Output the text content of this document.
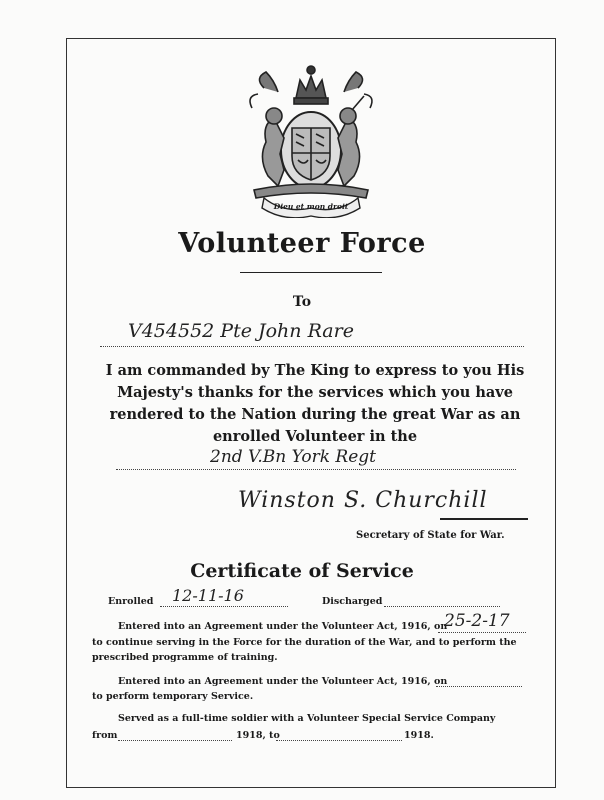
Dieu et mon droit
Volunteer Force
To
V454552 Pte John Rare
I am commanded by The King to express to you His Majesty's thanks for the services which you have rendered to the Nation during the great War as an enrolled Volunteer in the
2nd V.Bn York Regt
Winston S. Churchill
Secretary of State for War.
Certificate of Service
Enrolled 12-11-16	Discharged
Entered into an Agreement under the Volunteer Act, 1916, on
25-2-17
to continue serving in the Force for the duration of the War, and to perform the
prescribed programme of training.
Entered into an Agreement under the Volunteer Act, 1916, on
to perform temporary Service.
Served as a full-time soldier with a Volunteer Special Service Company
from	1918, to	1918.
